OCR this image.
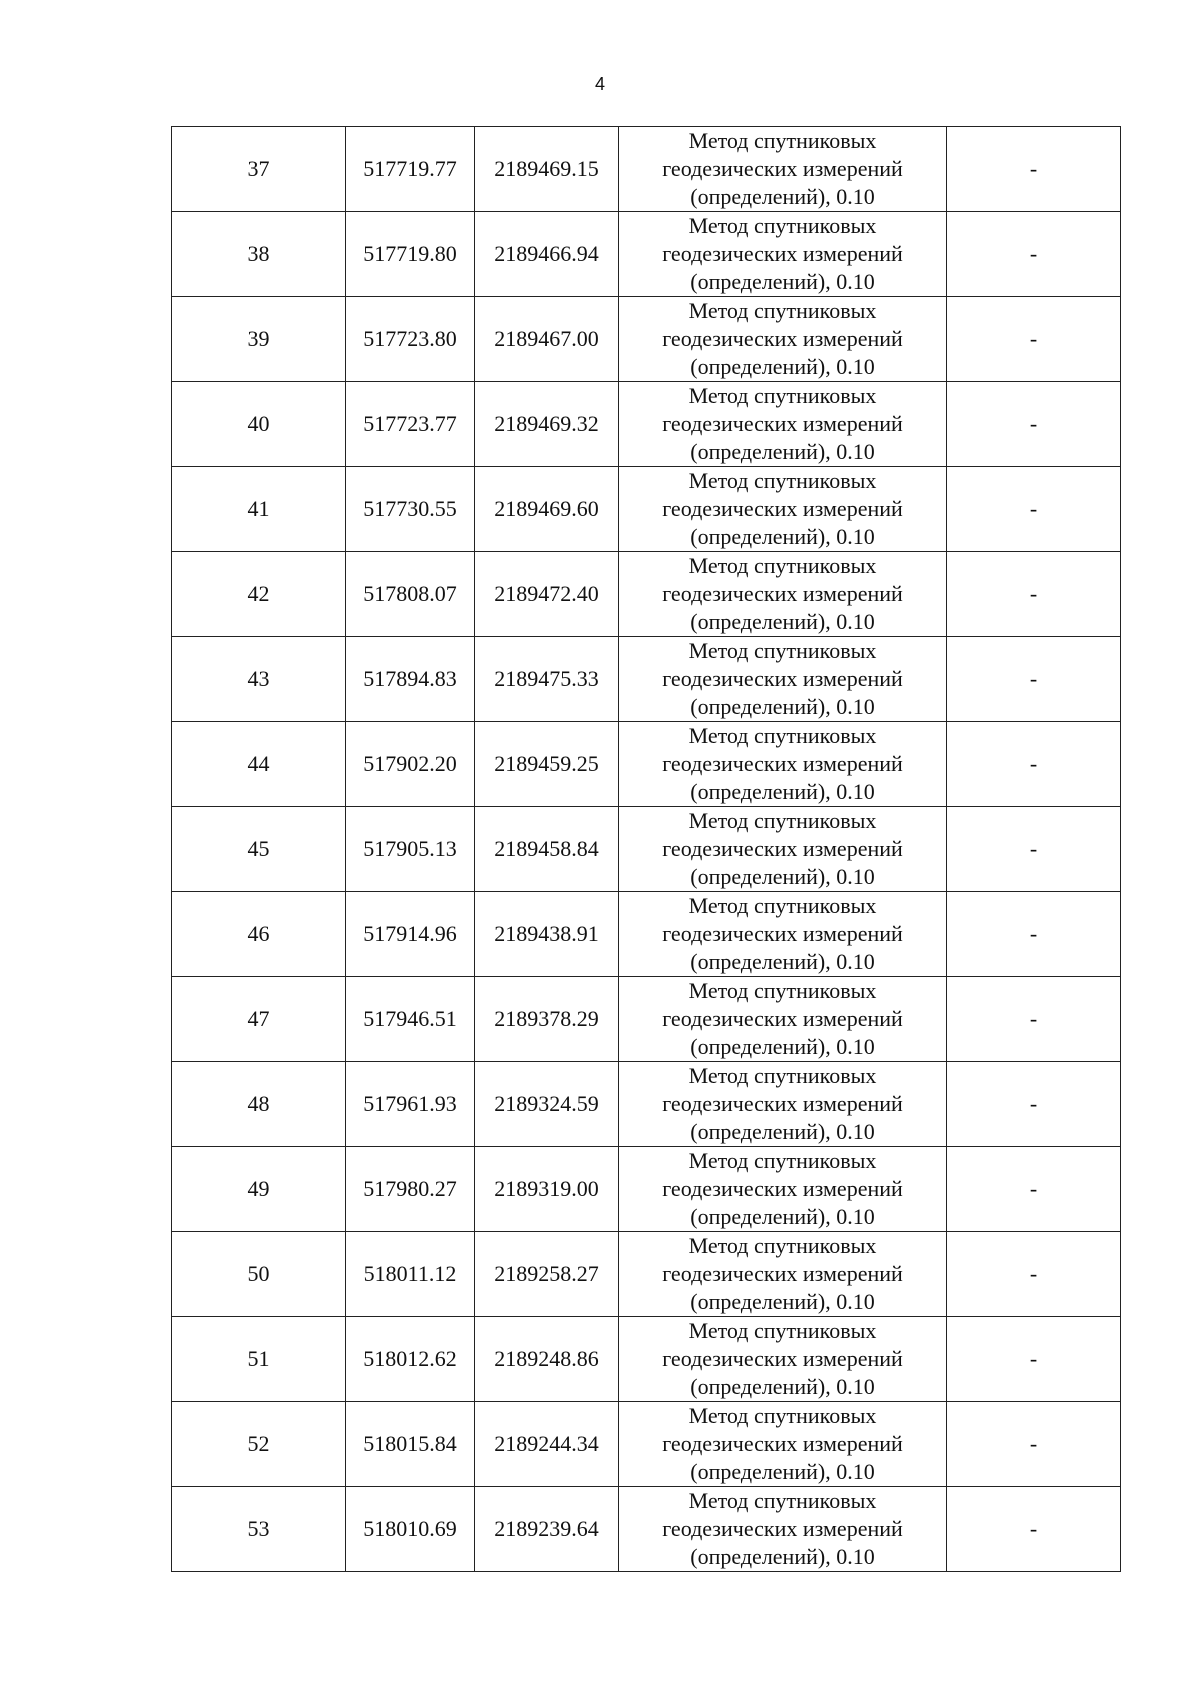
4
37	517719.77	2189469.15	Метод спутниковых
геодезических измерений
(определений), 0.10	-
38	517719.80	2189466.94	Метод спутниковых
геодезических измерений
(определений), 0.10	-
39	517723.80	2189467.00	Метод спутниковых
геодезических измерений
(определений), 0.10	-
40	517723.77	2189469.32	Метод спутниковых
геодезических измерений
(определений), 0.10	-
41	517730.55	2189469.60	Метод спутниковых
геодезических измерений
(определений), 0.10	-
42	517808.07	2189472.40	Метод спутниковых
геодезических измерений
(определений), 0.10	-
43	517894.83	2189475.33	Метод спутниковых
геодезических измерений
(определений), 0.10	-
44	517902.20	2189459.25	Метод спутниковых
геодезических измерений
(определений), 0.10	-
45	517905.13	2189458.84	Метод спутниковых
геодезических измерений
(определений), 0.10	-
46	517914.96	2189438.91	Метод спутниковых
геодезических измерений
(определений), 0.10	-
47	517946.51	2189378.29	Метод спутниковых
геодезических измерений
(определений), 0.10	-
48	517961.93	2189324.59	Метод спутниковых
геодезических измерений
(определений), 0.10	-
49	517980.27	2189319.00	Метод спутниковых
геодезических измерений
(определений), 0.10	-
50	518011.12	2189258.27	Метод спутниковых
геодезических измерений
(определений), 0.10	-
51	518012.62	2189248.86	Метод спутниковых
геодезических измерений
(определений), 0.10	-
52	518015.84	2189244.34	Метод спутниковых
геодезических измерений
(определений), 0.10	-
53	518010.69	2189239.64	Метод спутниковых
геодезических измерений
(определений), 0.10	-
